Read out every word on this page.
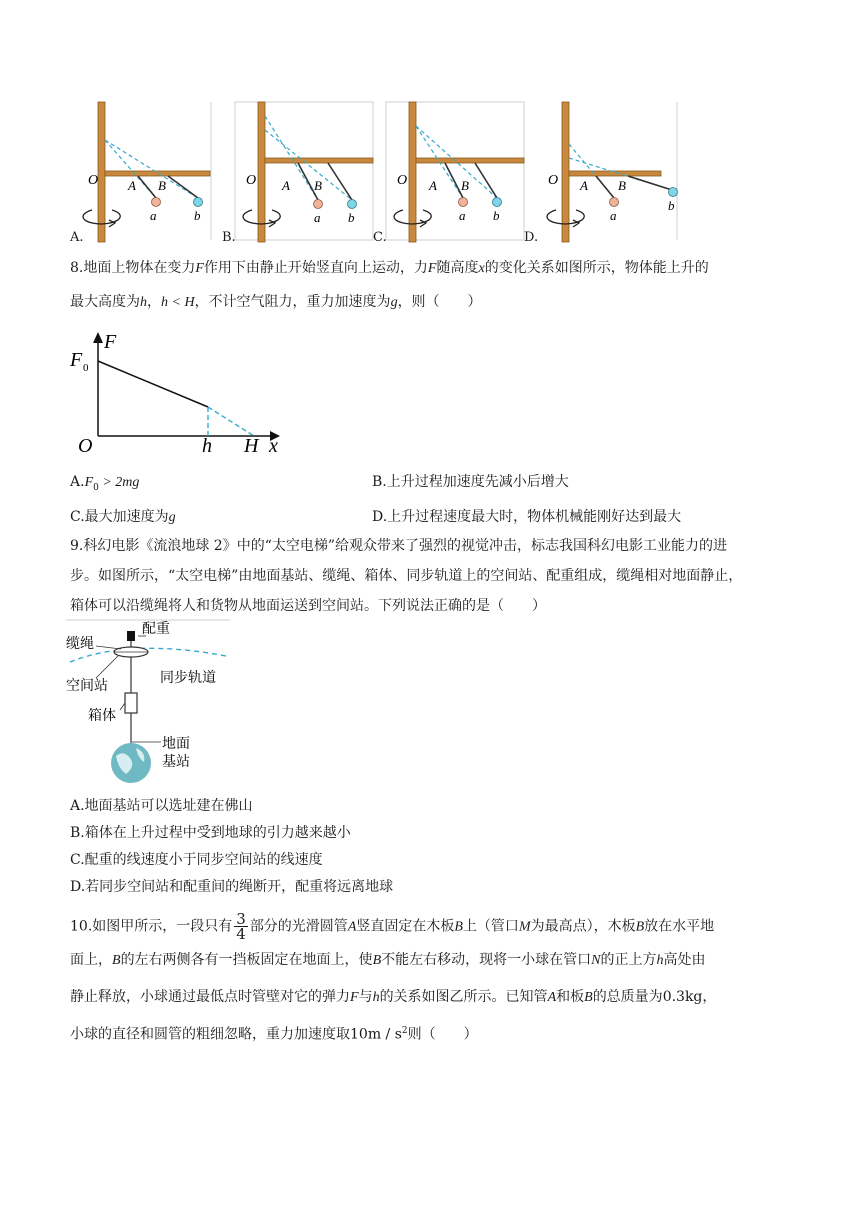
O A B
a	b
A.
O A B
a b
B.
O A B
a b
C.
O A B
a
b
D.
8.地面上物体在变力F作用下由静止开始竖直向上运动，力F随高度x的变化关系如图所示，物体能上升的
最大高度为h，h < H，不计空气阻力，重力加速度为g，则（　　）
F
F 0
O	h H x
$A.F_0 > 2mg$	B.上升过程加速度先减小后增大
C.最大加速度为g	D.上升过程速度最大时，物体机械能刚好达到最大
9.科幻电影《流浪地球 2》中的“太空电梯”给观众带来了强烈的视觉冲击，标志我国科幻电影工业能力的进
步。如图所示，“太空电梯”由地面基站、缆绳、箱体、同步轨道上的空间站、配重组成，缆绳相对地面静止，
箱体可以沿缆绳将人和货物从地面运送到空间站。下列说法正确的是（　　）
缆绳
配重
同步轨道
空间站
箱体
地面
基站
A.地面基站可以选址建在佛山
B.箱体在上升过程中受到地球的引力越来越小
C.配重的线速度小于同步空间站的线速度
D.若同步空间站和配重间的绳断开，配重将远离地球
10.如图甲所示，一段只有 $\frac{3}{4}$ 部分的光滑圆管A竖直固定在木板B上（管口M为最高点），木板B放在水平地
面上，B的左右两侧各有一挡板固定在地面上，使B不能左右移动，现将一小球在管口N的正上方h高处由
静止释放，小球通过最低点时管壁对它的弹力F与h的关系如图乙所示。已知管A和板B的总质量为0.3kg，
小球的直径和圆管的粗细忽略，重力加速度取$10m / s^2$则（　　）
